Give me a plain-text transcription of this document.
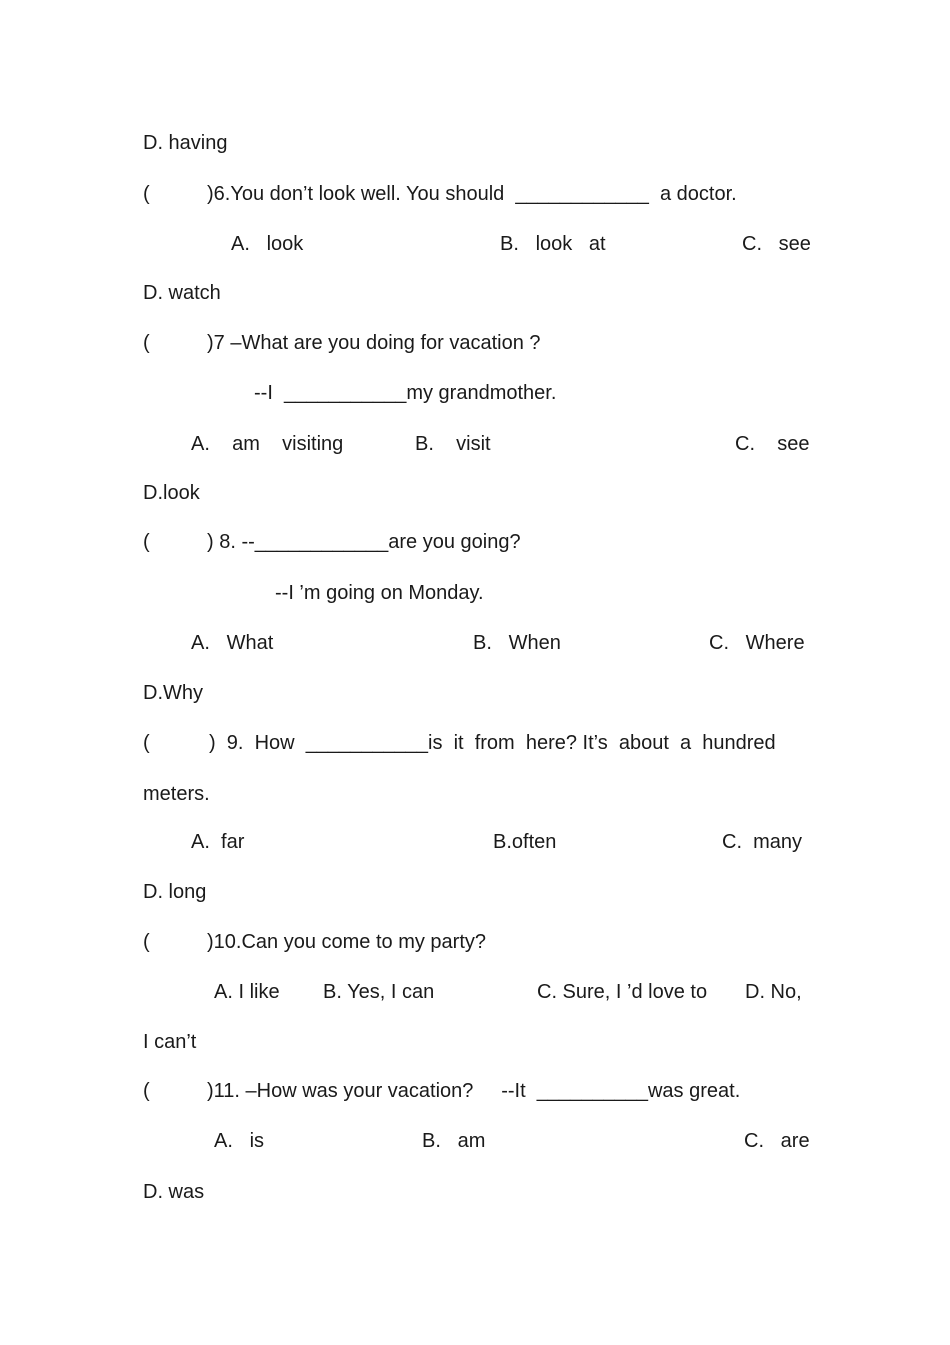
D. having
(	)6.You don’t look well. You should  ____________  a doctor.
A.   look	B.   look   at	C.   see
D. watch
(	)7 –What are you doing for vacation ?
--I  ___________my grandmother.
A.    am    visiting	B.    visit	C.    see
D.look
(	) 8. --____________are you going?
--I ’m going on Monday.
A.   What	B.   When	C.   Where
D.Why
(	)  9.  How  ___________is  it  from  here? It’s  about  a  hundred
meters.
A.  far	B.often	C.  many
D. long
(	)10.Can you come to my party?
A. I like B. Yes, I can	C. Sure, I ’d love to D. No,
I can’t
(	)11. –How was your vacation?     --It  __________was great.
A.   is	B.   am	C.   are
D. was
